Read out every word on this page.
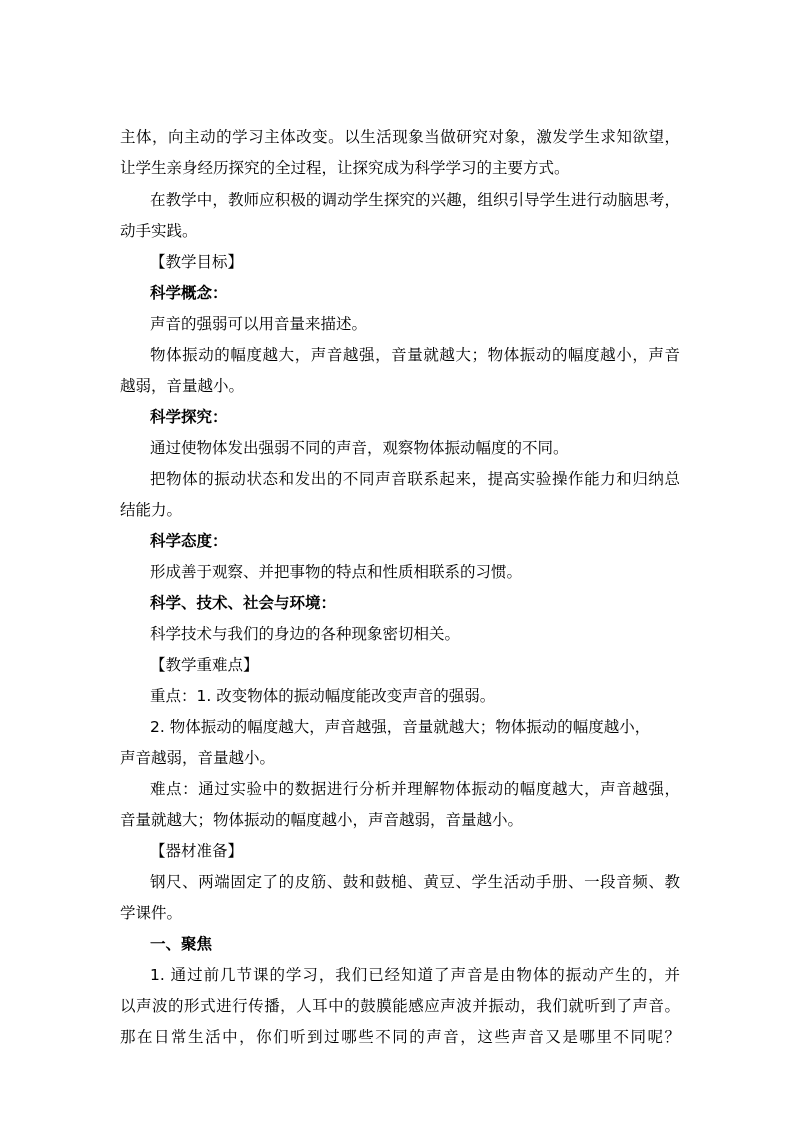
主体，向主动的学习主体改变。以生活现象当做研究对象，激发学生求知欲望，
让学生亲身经历探究的全过程，让探究成为科学学习的主要方式。
在教学中，教师应积极的调动学生探究的兴趣，组织引导学生进行动脑思考，
动手实践。
【教学目标】
科学概念：
声音的强弱可以用音量来描述。
物体振动的幅度越大，声音越强，音量就越大；物体振动的幅度越小，声音
越弱，音量越小。
科学探究：
通过使物体发出强弱不同的声音，观察物体振动幅度的不同。
把物体的振动状态和发出的不同声音联系起来，提高实验操作能力和归纳总
结能力。
科学态度：
形成善于观察、并把事物的特点和性质相联系的习惯。
科学、技术、社会与环境：
科学技术与我们的身边的各种现象密切相关。
【教学重难点】
重点：1. 改变物体的振动幅度能改变声音的强弱。
2. 物体振动的幅度越大，声音越强，音量就越大；物体振动的幅度越小，
声音越弱，音量越小。
难点：通过实验中的数据进行分析并理解物体振动的幅度越大，声音越强，
音量就越大；物体振动的幅度越小，声音越弱，音量越小。
【器材准备】
钢尺、两端固定了的皮筋、鼓和鼓槌、黄豆、学生活动手册、一段音频、教
学课件。
一、聚焦
1. 通过前几节课的学习，我们已经知道了声音是由物体的振动产生的，并
以声波的形式进行传播，人耳中的鼓膜能感应声波并振动，我们就听到了声音。
那在日常生活中，你们听到过哪些不同的声音，这些声音又是哪里不同呢？
